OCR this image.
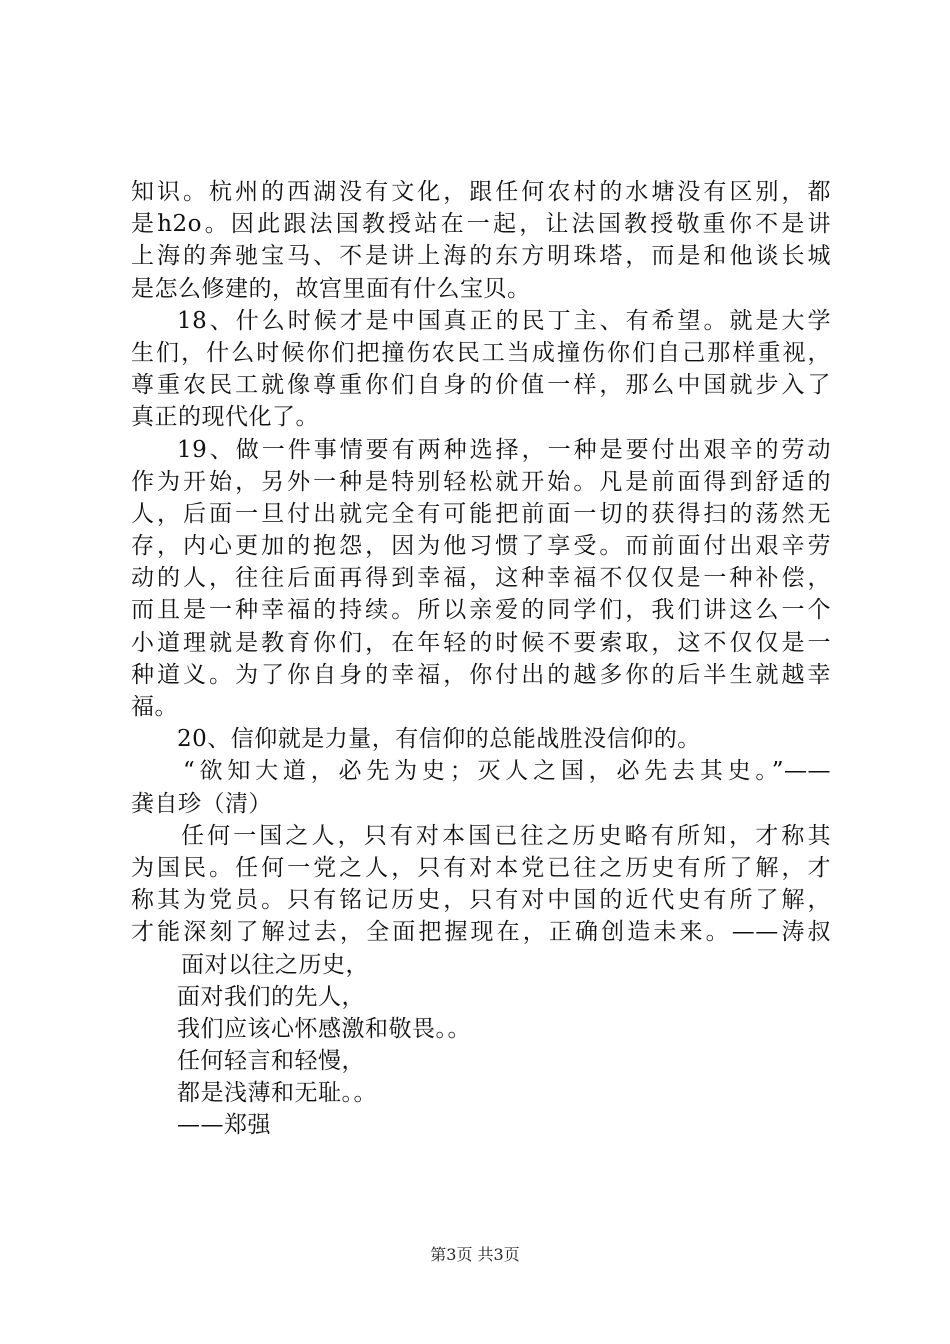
知识。杭州的西湖没有文化，跟任何农村的水塘没有区别，都
是h2o。因此跟法国教授站在一起，让法国教授敬重你不是讲
上海的奔驰宝马、不是讲上海的东方明珠塔，而是和他谈长城
是怎么修建的，故宫里面有什么宝贝。
18、什么时候才是中国真正的民丁主、有希望。就是大学
生们，什么时候你们把撞伤农民工当成撞伤你们自己那样重视，
尊重农民工就像尊重你们自身的价值一样，那么中国就步入了
真正的现代化了。
19、做一件事情要有两种选择，一种是要付出艰辛的劳动
作为开始，另外一种是特别轻松就开始。凡是前面得到舒适的
人，后面一旦付出就完全有可能把前面一切的获得扫的荡然无
存，内心更加的抱怨，因为他习惯了享受。而前面付出艰辛劳
动的人，往往后面再得到幸福，这种幸福不仅仅是一种补偿，
而且是一种幸福的持续。所以亲爱的同学们，我们讲这么一个
小道理就是教育你们，在年轻的时候不要索取，这不仅仅是一
种道义。为了你自身的幸福，你付出的越多你的后半生就越幸
福。
20、信仰就是力量，有信仰的总能战胜没信仰的。
“欲知大道，必先为史；灭人之国，必先去其史。”——
龚自珍（清）
任何一国之人，只有对本国已往之历史略有所知，才称其
为国民。任何一党之人，只有对本党已往之历史有所了解，才
称其为党员。只有铭记历史，只有对中国的近代史有所了解，
才能深刻了解过去，全面把握现在，正确创造未来。——涛叔
面对以往之历史，
面对我们的先人，
我们应该心怀感激和敬畏。。
任何轻言和轻慢，
都是浅薄和无耻。。
——郑强
第3页 共3页
